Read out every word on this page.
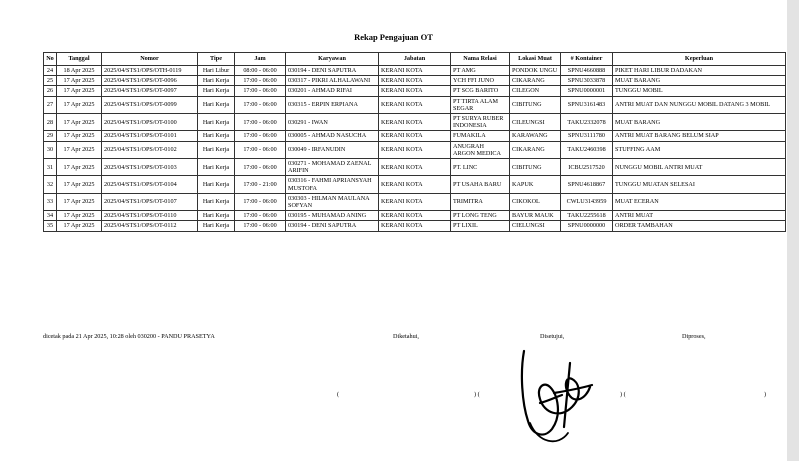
Rekap Pengajuan OT
No	Tanggal	Nomor	Tipe	Jam	Karyawan	Jabatan	Nama Relasi	Lokasi Muat	# Kontainer	Keperluan
24	18 Apr 2025	2025/04/STS1/OPS/OTH-0119	Hari Libur	08:00 - 06:00	030194 - DENI SAPUTRA	KERANI KOTA	PT AMG	PONDOK UNGU	SPNU4660888	PIKET HARI LIBUR DADAKAN
25	17 Apr 2025	2025/04/STS1/OPS/OT-0096	Hari Kerja	17:00 - 06:00	030317 - PIKRI ALHALAWANI	KERANI KOTA	YCH FFI JUNO	CIKARANG	SPNU3033878	MUAT BARANG
26	17 Apr 2025	2025/04/STS1/OPS/OT-0097	Hari Kerja	17:00 - 06:00	030201 - AHMAD RIFAI	KERANI KOTA	PT SCG BARITO	CILEGON	SPNU0000001	TUNGGU MOBIL
27	17 Apr 2025	2025/04/STS1/OPS/OT-0099	Hari Kerja	17:00 - 06:00	030315 - ERPIN ERPIANA	KERANI KOTA	PT TIRTA ALAM SEGAR	CIBITUNG	SPNU3161483	ANTRI MUAT DAN NUNGGU MOBIL DATANG 3 MOBIL
28	17 Apr 2025	2025/04/STS1/OPS/OT-0100	Hari Kerja	17:00 - 06:00	030291 - IWAN	KERANI KOTA	PT SURYA RUBER INDONESIA	CILEUNGSI	TAKU2332078	MUAT BARANG
29	17 Apr 2025	2025/04/STS1/OPS/OT-0101	Hari Kerja	17:00 - 06:00	030005 - AHMAD NASUCHA	KERANI KOTA	FUMAKILA	KARAWANG	SPNU3111780	ANTRI MUAT BARANG BELUM SIAP
30	17 Apr 2025	2025/04/STS1/OPS/OT-0102	Hari Kerja	17:00 - 06:00	030049 - IRFANUDIN	KERANI KOTA	ANUGRAH ARGON MEDICA	CIKARANG	TAKU2460398	STUFFING AAM
31	17 Apr 2025	2025/04/STS1/OPS/OT-0103	Hari Kerja	17:00 - 06:00	030271 - MOHAMAD ZAENAL ARIFIN	KERANI KOTA	PT. LINC	CIBITUNG	ICBU2517520	NUNGGU MOBIL ANTRI MUAT
32	17 Apr 2025	2025/04/STS1/OPS/OT-0104	Hari Kerja	17:00 - 21:00	030316 - FAHMI APRIANSYAH MUSTOFA	KERANI KOTA	PT USAHA BARU	KAPUK	SPNU4618867	TUNGGU MUATAN SELESAI
33	17 Apr 2025	2025/04/STS1/OPS/OT-0107	Hari Kerja	17:00 - 06:00	030303 - HILMAN MAULANA SOFYAN	KERANI KOTA	TRIMITRA	CIKOKOL	CWLU3143959	MUAT ECERAN
34	17 Apr 2025	2025/04/STS1/OPS/OT-0110	Hari Kerja	17:00 - 06:00	030195 - MUHAMAD ANING	KERANI KOTA	PT LONG TENG	BAYUR MAUK	TAKU2255618	ANTRI MUAT
35	17 Apr 2025	2025/04/STS1/OPS/OT-0112	Hari Kerja	17:00 - 06:00	030194 - DENI SAPUTRA	KERANI KOTA	PT LIXIL	CIELUNGSI	SPNU0000000	ORDER TAMBAHAN
dicetak pada 21 Apr 2025, 10:28 oleh 030200 - PANDU PRASETYA	Diketahui,	Disetujui,	Diproses,
(	) (	) (	)
